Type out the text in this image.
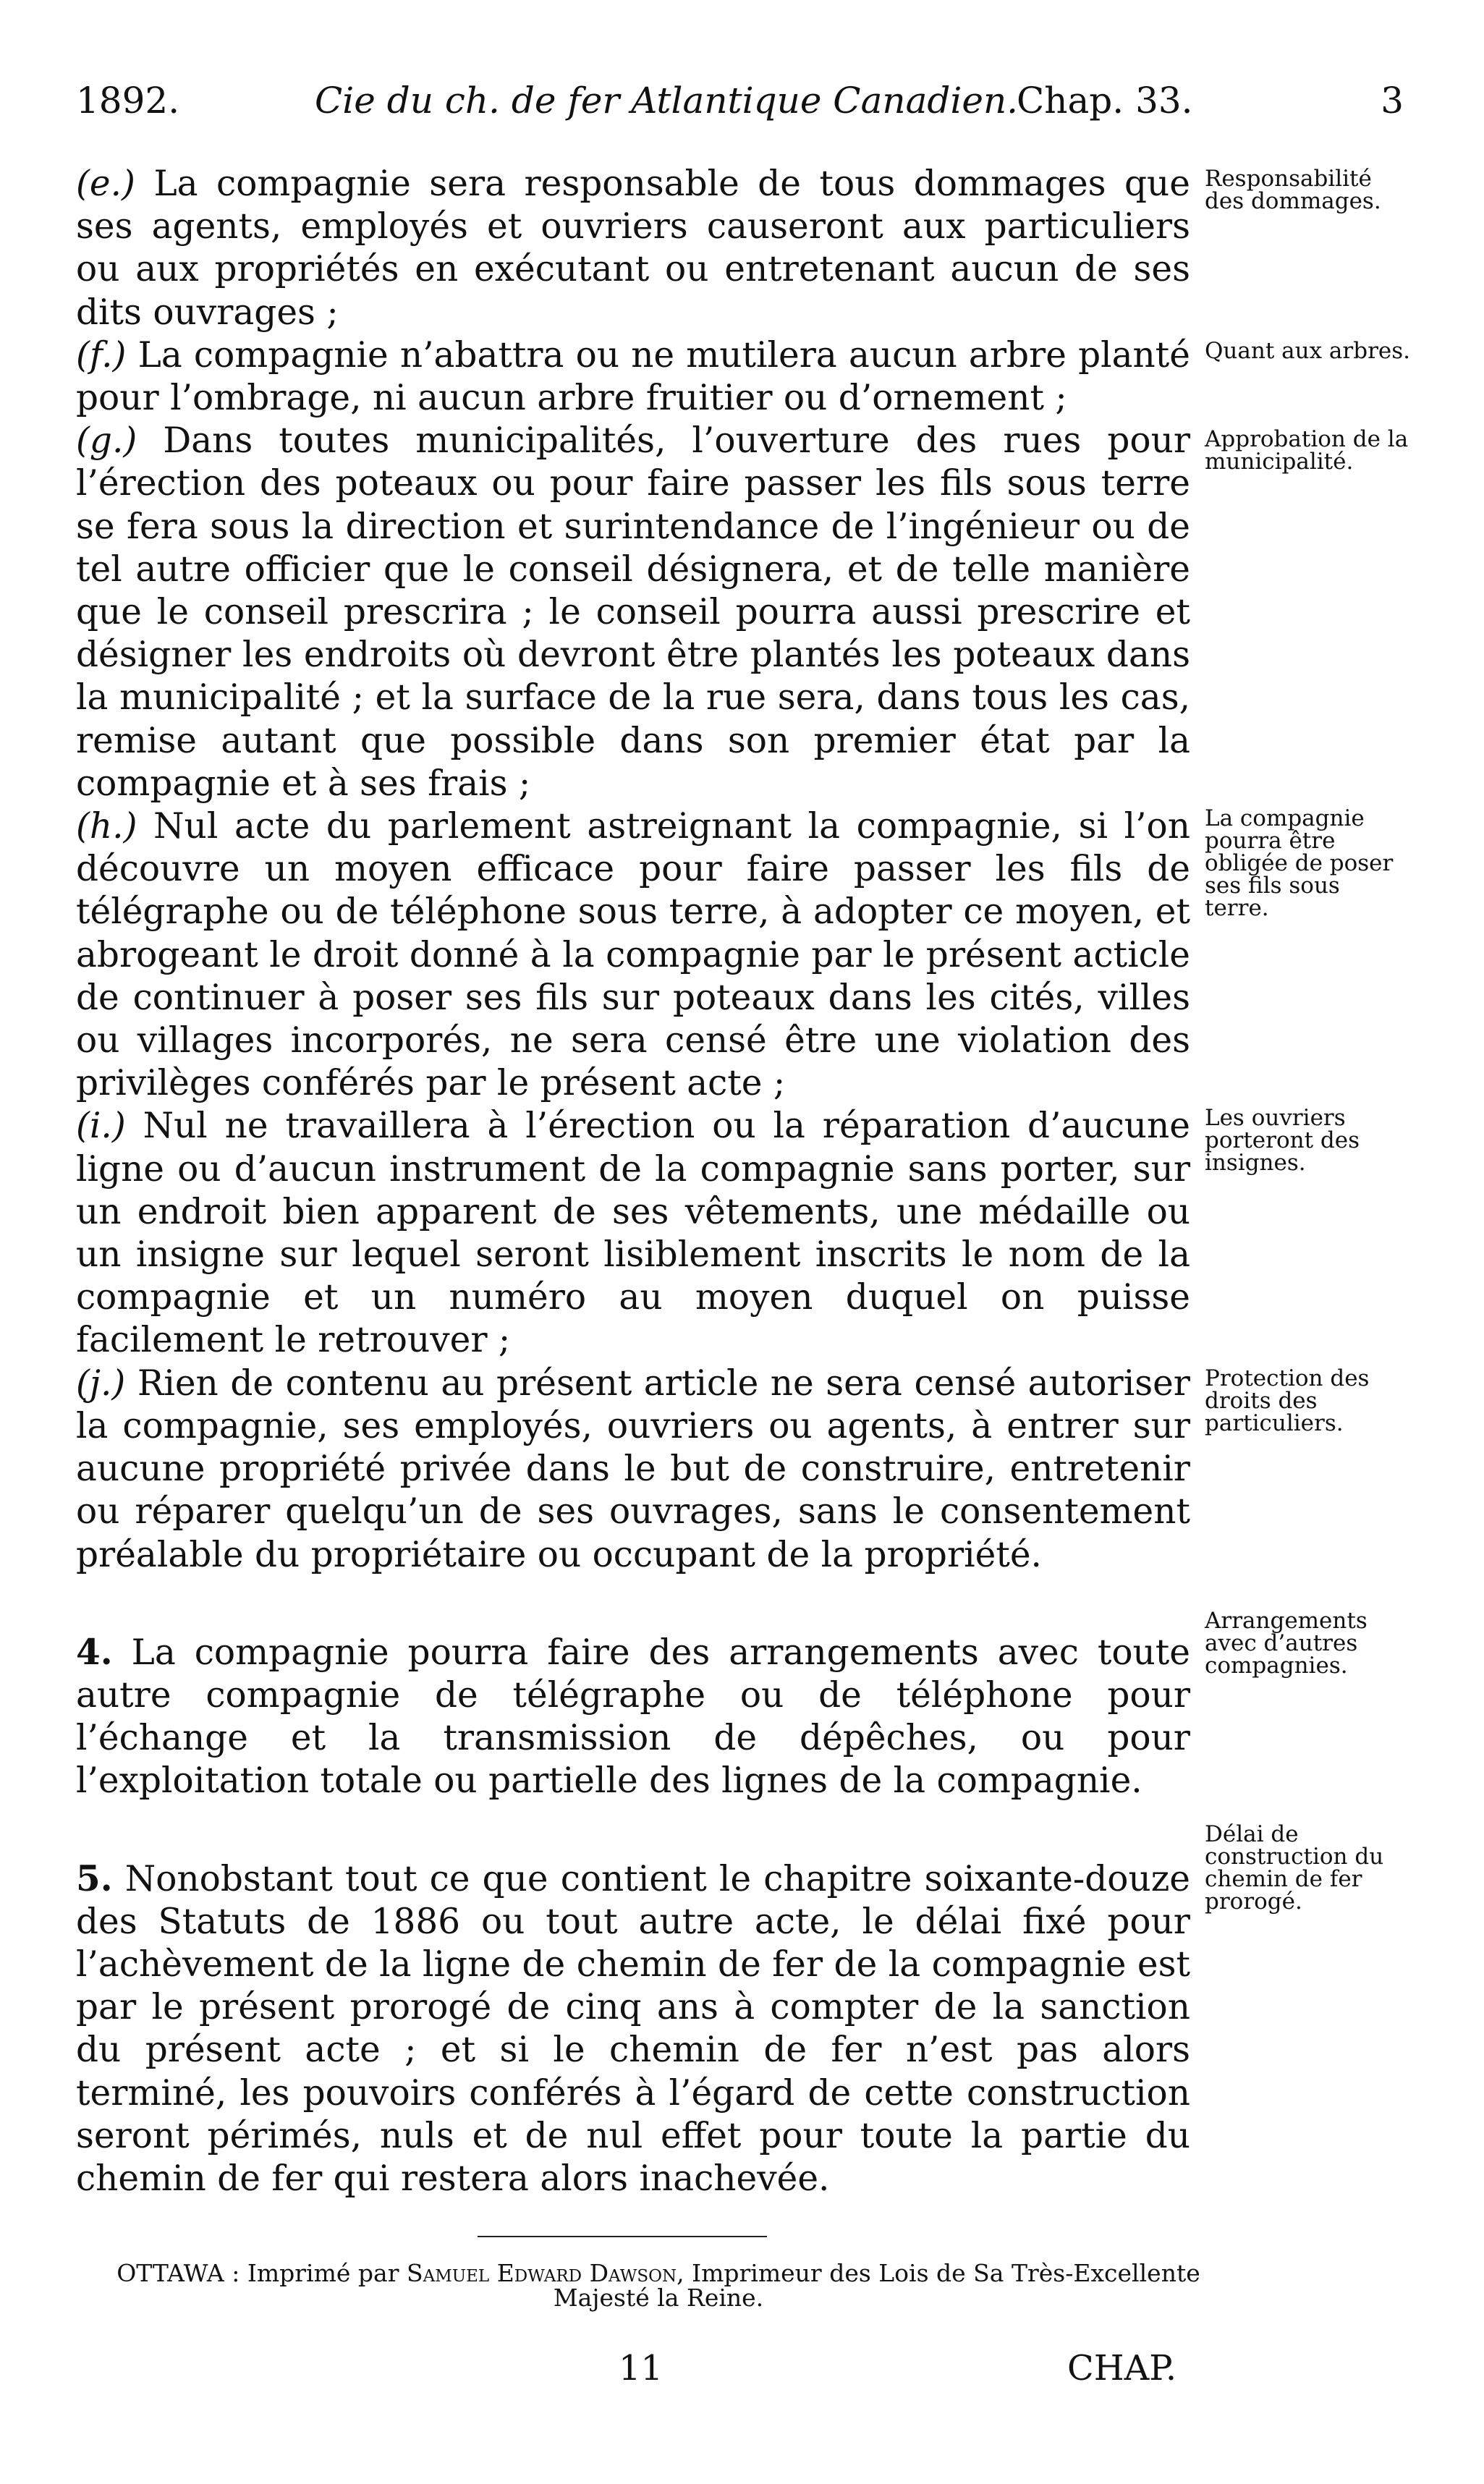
1892.	Cie du ch. de fer Atlantique Canadien.
Chap. 33.	3

(e.) La compagnie sera responsable de tous dommages que ses agents, employés et ouvriers causeront aux particuliers ou aux propriétés en exécutant ou entretenant aucun de ses dits ouvrages ;

(f.) La compagnie n’abattra ou ne mutilera aucun arbre planté pour l’ombrage, ni aucun arbre fruitier ou d’ornement ;

(g.) Dans toutes municipalités, l’ouverture des rues pour l’érection des poteaux ou pour faire passer les fils sous terre se fera sous la direction et surintendance de l’ingénieur ou de tel autre officier que le conseil désignera, et de telle manière que le conseil prescrira ; le conseil pourra aussi prescrire et désigner les endroits où devront être plantés les poteaux dans la municipalité ; et la surface de la rue sera, dans tous les cas, remise autant que possible dans son premier état par la compagnie et à ses frais ;

(h.) Nul acte du parlement astreignant la compagnie, si l’on découvre un moyen efficace pour faire passer les fils de télégraphe ou de téléphone sous terre, à adopter ce moyen, et abrogeant le droit donné à la compagnie par le présent acticle de continuer à poser ses fils sur poteaux dans les cités, villes ou villages incorporés, ne sera censé être une violation des privilèges conférés par le présent acte ;

(i.) Nul ne travaillera à l’érection ou la réparation d’aucune ligne ou d’aucun instrument de la compagnie sans porter, sur un endroit bien apparent de ses vêtements, une médaille ou un insigne sur lequel seront lisiblement inscrits le nom de la compagnie et un numéro au moyen duquel on puisse facilement le retrouver ;

(j.) Rien de contenu au présent article ne sera censé autoriser la compagnie, ses employés, ouvriers ou agents, à entrer sur aucune propriété privée dans le but de construire, entretenir ou réparer quelqu’un de ses ouvrages, sans le consentement préalable du propriétaire ou occupant de la propriété.

4. La compagnie pourra faire des arrangements avec toute autre compagnie de télégraphe ou de téléphone pour l’échange et la transmission de dépêches, ou pour l’exploitation totale ou partielle des lignes de la compagnie.

5. Nonobstant tout ce que contient le chapitre soixante-douze des Statuts de 1886 ou tout autre acte, le délai fixé pour l’achèvement de la ligne de chemin de fer de la compagnie est par le présent prorogé de cinq ans à compter de la sanction du présent acte ; et si le chemin de fer n’est pas alors terminé, les pouvoirs conférés à l’égard de cette construction seront périmés, nuls et de nul effet pour toute la partie du chemin de fer qui restera alors inachevée.

Responsabilité des dommages.
Quant aux arbres.
Approbation de la municipalité.
La compagnie pourra être obligée de poser ses fils sous terre.
Les ouvriers porteront des insignes.
Protection des droits des particuliers.
Arrangements avec d’autres compagnies.
Délai de construction du chemin de fer prorogé.
OTTAWA : Imprimé par Samuel Edward Dawson, Imprimeur des Lois de Sa Très-Excellente Majesté la Reine.
11	CHAP.
